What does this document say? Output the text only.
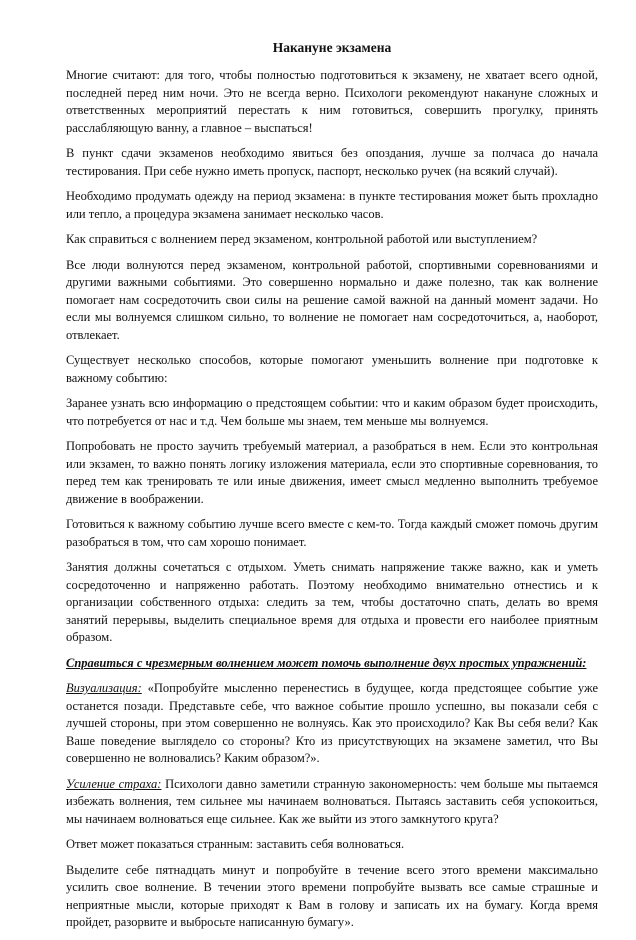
Накануне экзамена

Многие считают: для того, чтобы полностью подготовиться к экзамену, не хватает всего одной, последней перед ним ночи. Это не всегда верно. Психологи рекомендуют накануне сложных и ответственных мероприятий перестать к ним готовиться, совершить прогулку, принять расслабляющую ванну, а главное – выспаться!

В пункт сдачи экзаменов необходимо явиться без опоздания, лучше за полчаса до начала тестирования. При себе нужно иметь пропуск, паспорт, несколько ручек (на всякий случай).

Необходимо продумать одежду на период экзамена: в пункте тестирования может быть прохладно или тепло, а процедура экзамена занимает несколько часов.

Как справиться с волнением перед экзаменом, контрольной работой или выступлением?

Все люди волнуются перед экзаменом, контрольной работой, спортивными соревнованиями и другими важными событиями. Это совершенно нормально и даже полезно, так как волнение помогает нам сосредоточить свои силы на решение самой важной на данный момент задачи. Но если мы волнуемся слишком сильно, то волнение не помогает нам сосредоточиться, а, наоборот, отвлекает.

Существует несколько способов, которые помогают уменьшить волнение при подготовке к важному событию:

Заранее узнать всю информацию о предстоящем событии: что и каким образом будет происходить, что потребуется от нас и т.д. Чем больше мы знаем, тем меньше мы волнуемся.

Попробовать не просто заучить требуемый материал, а разобраться в нем. Если это контрольная или экзамен, то важно понять логику изложения материала, если это спортивные соревнования, то перед тем как тренировать те или иные движения, имеет смысл медленно выполнить требуемое движение в воображении.

Готовиться к важному событию лучше всего вместе с кем-то. Тогда каждый сможет помочь другим разобраться в том, что сам хорошо понимает.

Занятия должны сочетаться с отдыхом. Уметь снимать напряжение также важно, как и уметь сосредоточенно и напряженно работать. Поэтому необходимо внимательно отнестись и к организации собственного отдыха: следить за тем, чтобы достаточно спать, делать во время занятий перерывы, выделить специальное время для отдыха и провести его наиболее приятным образом.

Справиться с чрезмерным волнением может помочь выполнение двух простых упражнений:

Визуализация: «Попробуйте мысленно перенестись в будущее, когда предстоящее событие уже останется позади. Представьте себе, что важное событие прошло успешно, вы показали себя с лучшей стороны, при этом совершенно не волнуясь. Как это происходило? Как Вы себя вели? Как Ваше поведение выглядело со стороны? Кто из присутствующих на экзамене заметил, что Вы совершенно не волновались? Каким образом?».

Усиление страха: Психологи давно заметили странную закономерность: чем больше мы пытаемся избежать волнения, тем сильнее мы начинаем волноваться. Пытаясь заставить себя успокоиться, мы начинаем волноваться еще сильнее. Как же выйти из этого замкнутого круга?

Ответ может показаться странным: заставить себя волноваться.

Выделите себе пятнадцать минут и попробуйте в течение всего этого времени максимально усилить свое волнение. В течении этого времени попробуйте вызвать все самые страшные и неприятные мысли, которые приходят к Вам в голову и записать их на бумагу. Когда время пройдет, разорвите и выбросьте написанную бумагу».
